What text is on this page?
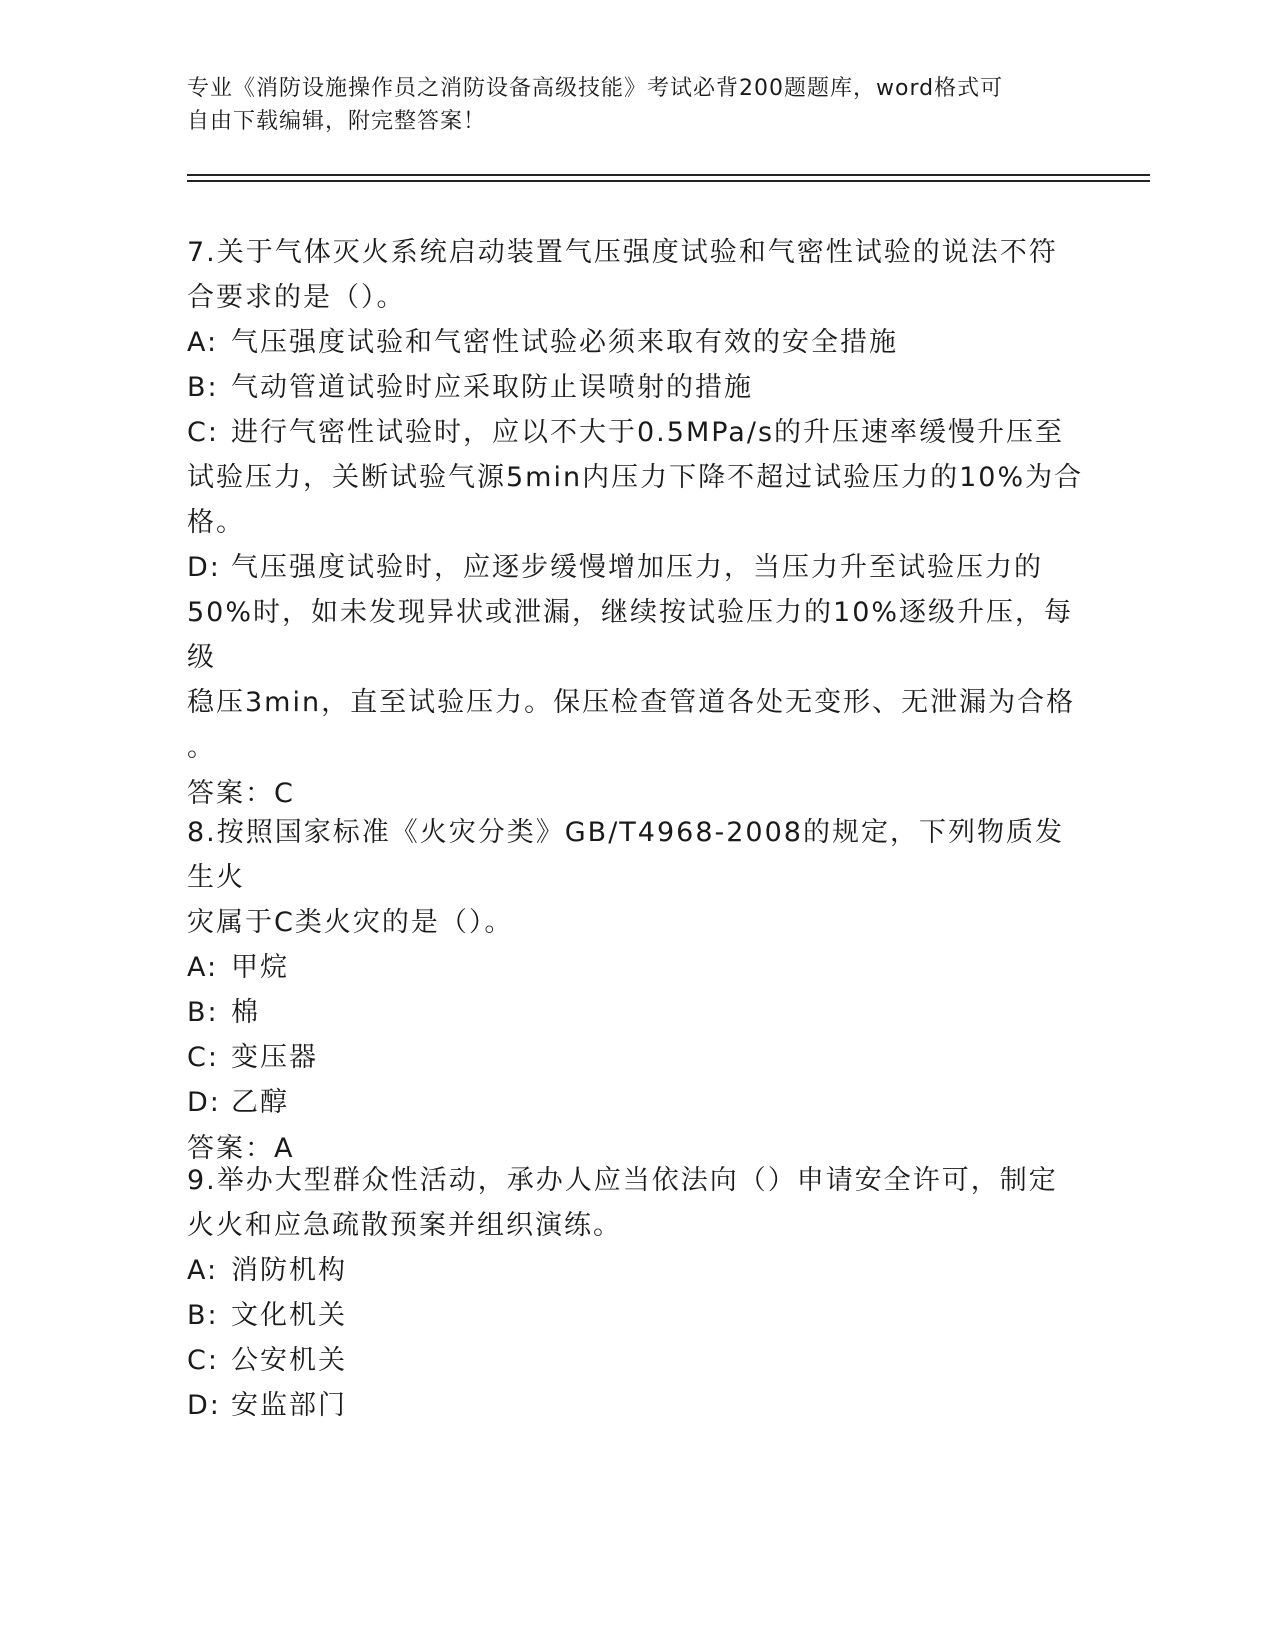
专业《消防设施操作员之消防设备高级技能》考试必背200题题库，word格式可
自由下载编辑，附完整答案！
7.关于气体灭火系统启动装置气压强度试验和气密性试验的说法不符
合要求的是（）。
A: 气压强度试验和气密性试验必须来取有效的安全措施
B: 气动管道试验时应采取防止误喷射的措施
C: 进行气密性试验时，应以不大于0.5MPa/s的升压速率缓慢升压至
试验压力，关断试验气源5min内压力下降不超过试验压力的10%为合
格。
D: 气压强度试验时，应逐步缓慢增加压力，当压力升至试验压力的
50%时，如未发现异状或泄漏，继续按试验压力的10%逐级升压，每级
稳压3min，直至试验压力。保压检查管道各处无变形、无泄漏为合格
。
答案：C
8.按照国家标准《火灾分类》GB/T4968-2008的规定，下列物质发生火
灾属于C类火灾的是（）。
A: 甲烷
B: 棉
C: 变压器
D: 乙醇
答案：A
9.举办大型群众性活动，承办人应当依法向（）申请安全许可，制定
火火和应急疏散预案并组织演练。
A: 消防机构
B: 文化机关
C: 公安机关
D: 安监部门
